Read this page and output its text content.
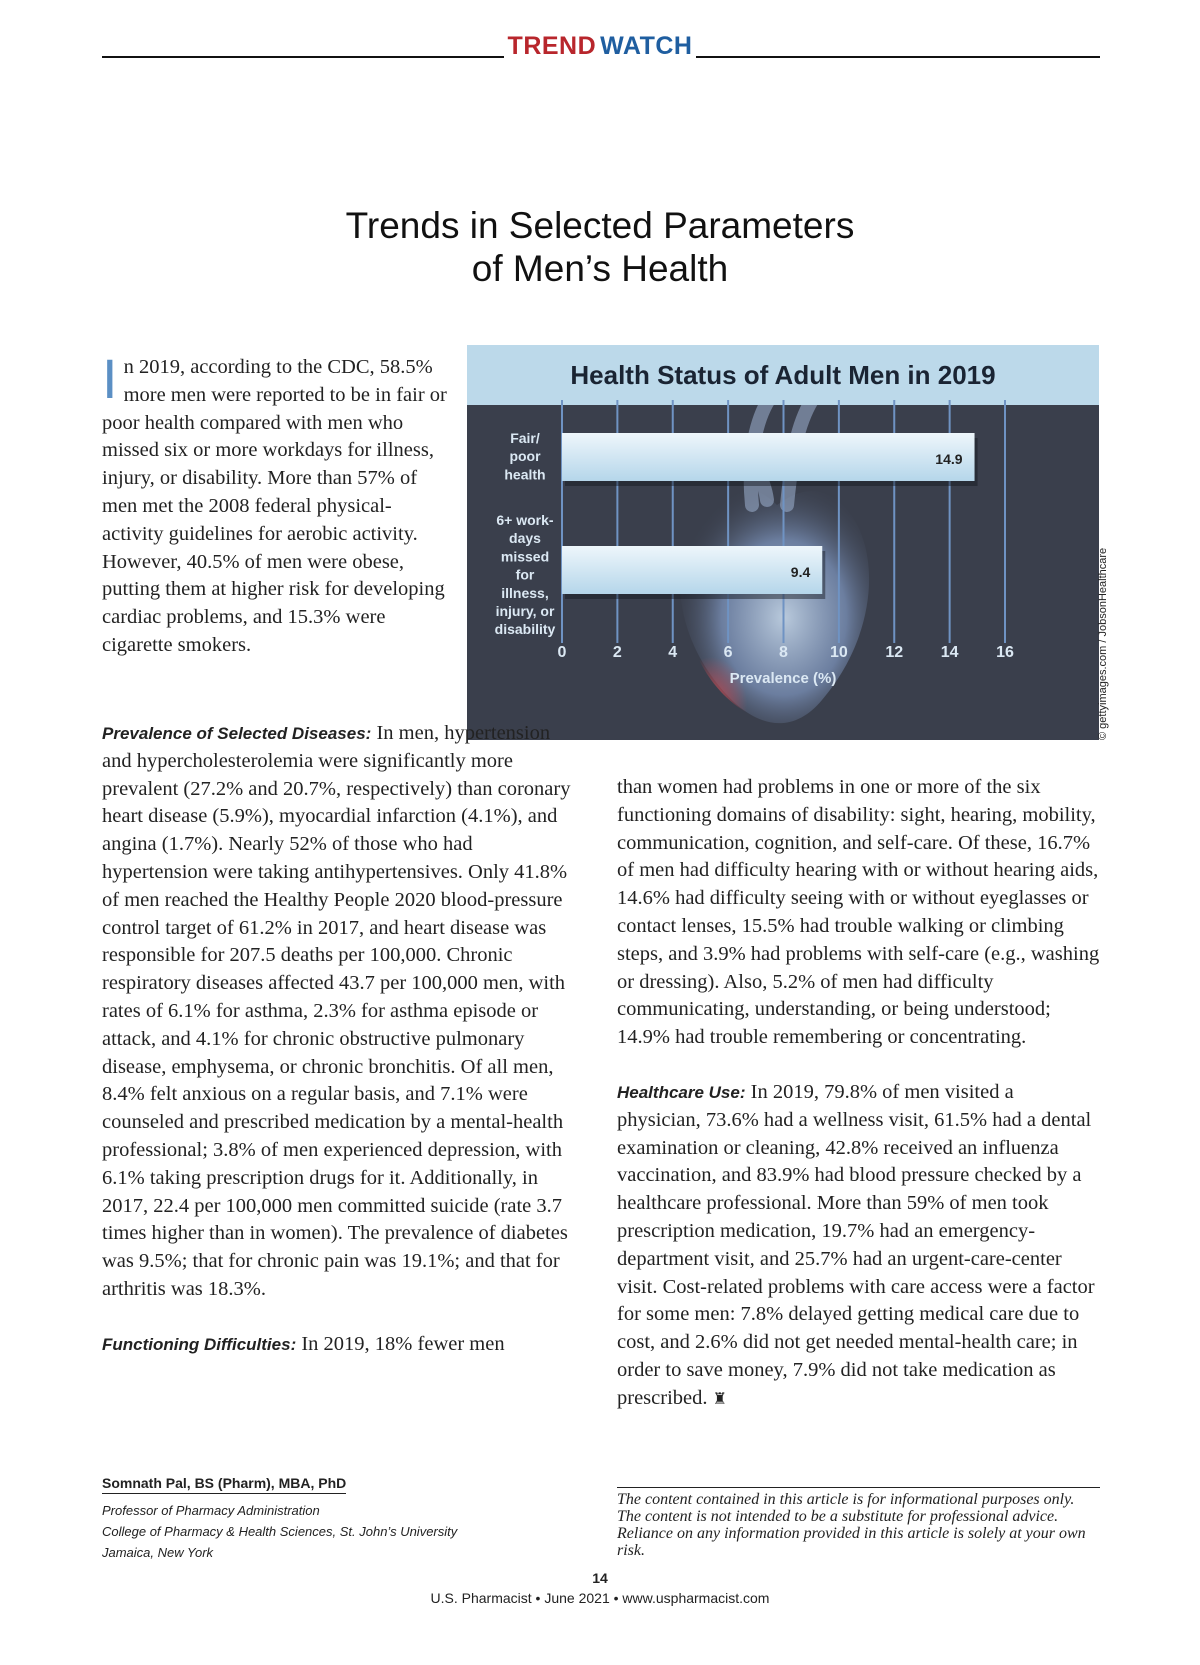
TREND WATCH
Trends in Selected Parameters
of Men’s Health
In 2019, according to the CDC, 58.5% more men were reported to be in fair or poor health compared with men who missed six or more workdays for illness, injury, or disability. More than 57% of men met the 2008 federal physical-activity guidelines for aerobic activity. However, 40.5% of men were obese, putting them at higher risk for developing cardiac problems, and 15.3% were cigarette smokers.
Health Status of Adult Men in 2019
14.9
9.4
Fair/
poor
health
6+ work-
days
missed
for
illness,
injury, or
disability
0	2	4	6	8	10 12 14 16
Prevalence (%)	© gettyimages.com / JobsonHealthcare

Prevalence of Selected Diseases: In men, hypertension and hypercholesterolemia were significantly more prevalent (27.2% and 20.7%, respectively) than coronary heart disease (5.9%), myocardial infarction (4.1%), and angina (1.7%). Nearly 52% of those who had hypertension were taking antihypertensives. Only 41.8% of men reached the Healthy People 2020 blood-pressure control target of 61.2% in 2017, and heart disease was responsible for 207.5 deaths per 100,000. Chronic respiratory diseases affected 43.7 per 100,000 men, with rates of 6.1% for asthma, 2.3% for asthma episode or attack, and 4.1% for chronic obstructive pulmonary disease, emphysema, or chronic bronchitis. Of all men, 8.4% felt anxious on a regular basis, and 7.1% were counseled and prescribed medication by a mental-health professional; 3.8% of men experienced depression, with 6.1% taking prescription drugs for it. Additionally, in 2017, 22.4 per 100,000 men committed suicide (rate 3.7 times higher than in women). The prevalence of diabetes was 9.5%; that for chronic pain was 19.1%; and that for arthritis was 18.3%.

Functioning Difficulties: In 2019, 18% fewer men

than women had problems in one or more of the six functioning domains of disability: sight, hearing, mobility, communication, cognition, and self-care. Of these, 16.7% of men had difficulty hearing with or without hearing aids, 14.6% had difficulty seeing with or without eyeglasses or contact lenses, 15.5% had trouble walking or climbing steps, and 3.9% had problems with self-care (e.g., washing or dressing). Also, 5.2% of men had difficulty communicating, understanding, or being understood; 14.9% had trouble remembering or concentrating.

Healthcare Use: In 2019, 79.8% of men visited a physician, 73.6% had a wellness visit, 61.5% had a dental examination or cleaning, 42.8% received an influenza vaccination, and 83.9% had blood pressure checked by a healthcare professional. More than 59% of men took prescription medication, 19.7% had an emergency-department visit, and 25.7% had an urgent-care-center visit. Cost-related problems with care access were a factor for some men: 7.8% delayed getting medical care due to cost, and 2.6% did not get needed mental-health care; in order to save money, 7.9% did not take medication as prescribed. ♜

Somnath Pal, BS (Pharm), MBA, PhD
Professor of Pharmacy Administration
College of Pharmacy & Health Sciences, St. John’s University
Jamaica, New York
The content contained in this article is for informational purposes only. The content is not intended to be a substitute for professional advice. Reliance on any information provided in this article is solely at your own risk.
14
U.S. Pharmacist • June 2021 • www.uspharmacist.com
